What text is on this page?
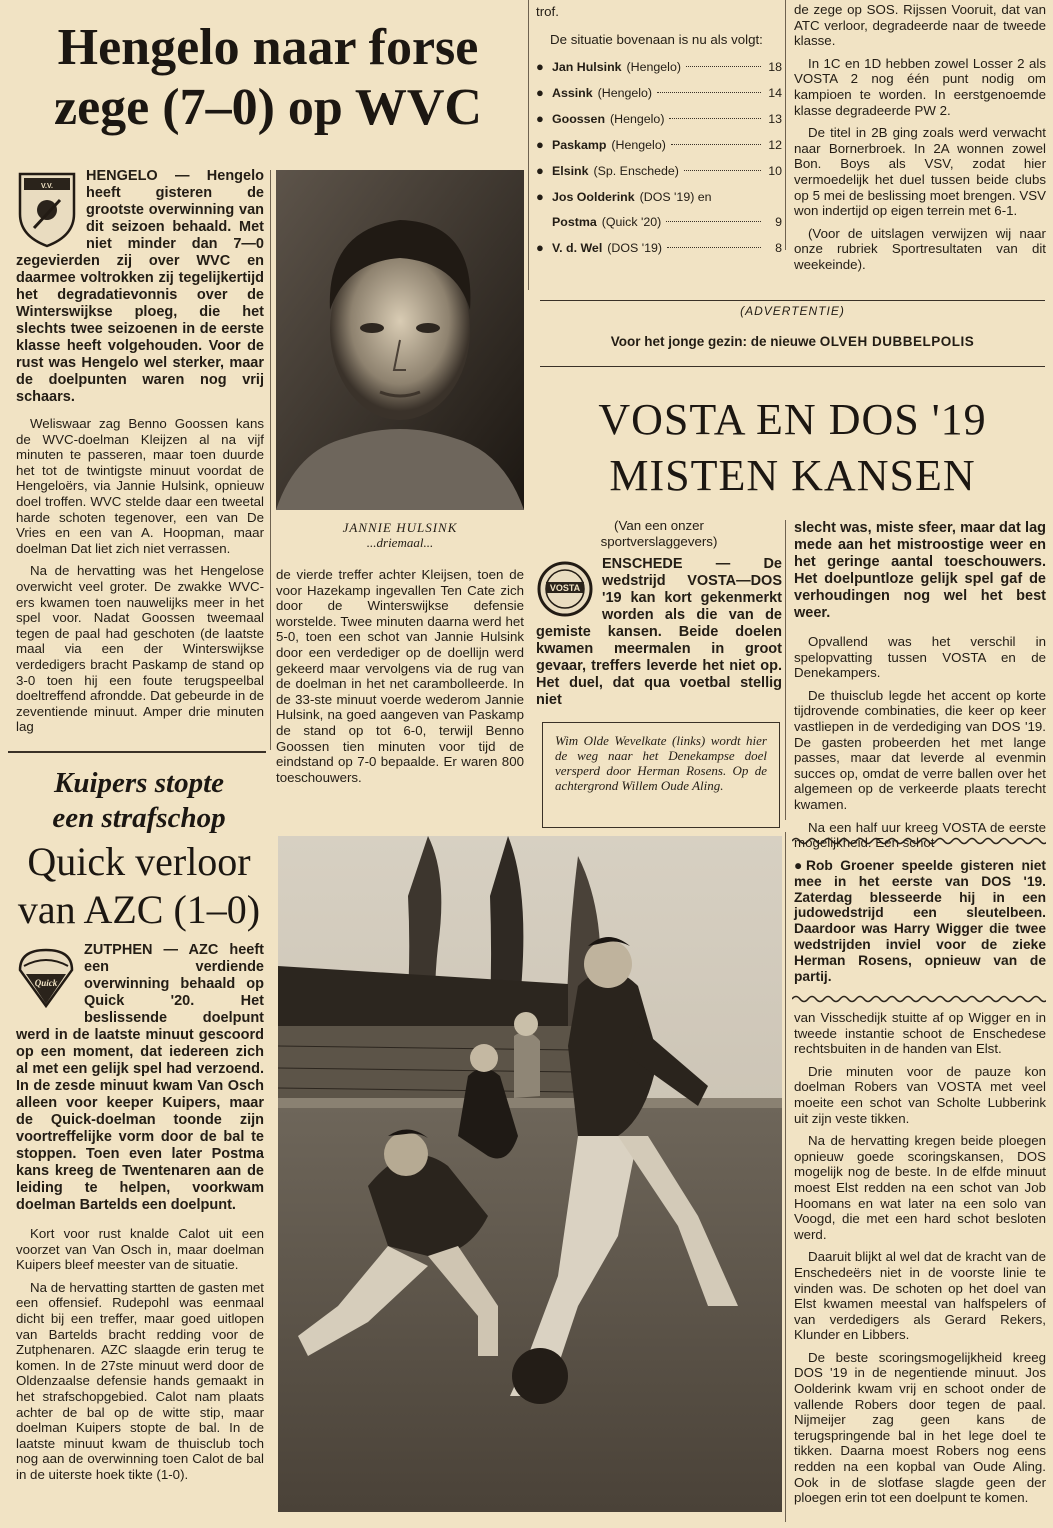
Hengelo naar forse zege (7–0) op WVC
V.V.

HENGELO — Hengelo heeft gisteren de grootste overwinning van dit seizoen behaald. Met niet minder dan 7—0 zegevierden zij over WVC en daarmee voltrokken zij tegelijkertijd het degradatievonnis over de Winterswijkse ploeg, die het slechts twee seizoenen in de eerste klasse heeft volgehouden. Voor de rust was Hengelo wel sterker, maar de doelpunten waren nog vrij schaars.

Weliswaar zag Benno Goossen kans de WVC-doelman Kleijzen al na vijf minuten te passeren, maar toen duurde het tot de twintigste minuut voordat de Hengeloërs, via Jannie Hulsink, opnieuw doel troffen. WVC stelde daar een tweetal harde schoten tegenover, een van De Vries en een van A. Hoopman, maar doelman Dat liet zich niet verrassen.

Na de hervatting was het Hengelose overwicht veel groter. De zwakke WVC-ers kwamen toen nauwelijks meer in het spel voor. Nadat Goossen tweemaal tegen de paal had geschoten (de laatste maal via een der Winterswijkse verdedigers bracht Paskamp de stand op 3-0 toen hij een foute terugspeelbal doeltreffend afrondde. Dat gebeurde in de zeventiende minuut. Amper drie minuten lag

Kuipers stopte
een strafschop
Quick verloor
van AZC (1–0)
Quick

ZUTPHEN — AZC heeft een verdiende overwinning behaald op Quick '20. Het beslissende doelpunt werd in de laatste minuut gescoord op een moment, dat iedereen zich al met een gelijk spel had verzoend. In de zesde minuut kwam Van Osch alleen voor keeper Kuipers, maar de Quick-doelman toonde zijn voortreffelijke vorm door de bal te stoppen. Toen even later Postma kans kreeg de Twentenaren aan de leiding te helpen, voorkwam doelman Bartelds een doelpunt.

Kort voor rust knalde Calot uit een voorzet van Van Osch in, maar doelman Kuipers bleef meester van de situatie.

Na de hervatting startten de gasten met een offensief. Rudepohl was eenmaal dicht bij een treffer, maar goed uitlopen van Bartelds bracht redding voor de Zutphenaren. AZC slaagde erin terug te komen. In de 27ste minuut werd door de Oldenzaalse defensie hands gemaakt in het strafschopgebied. Calot nam plaats achter de bal op de witte stip, maar doelman Kuipers stopte de bal. In de laatste minuut kwam de thuisclub toch nog aan de overwinning toen Calot de bal in de uiterste hoek tikte (1-0).

JANNIE HULSINK
...driemaal...

de vierde treffer achter Kleijsen, toen de voor Hazekamp ingevallen Ten Cate zich door de Winterswijkse defensie worstelde. Twee minuten daarna werd het 5-0, toen een schot van Jannie Hulsink door een verdediger op de doellijn werd gekeerd maar vervolgens via de rug van de doelman in het net carambolleerde. In de 33-ste minuut voerde wederom Jannie Hulsink, na goed aangeven van Paskamp de stand op tot 6-0, terwijl Benno Goossen tien minuten voor tijd de eindstand op 7-0 bepaalde. Er waren 800 toeschouwers.

trof.

De situatie bovenaan is nu als volgt:

● Jan Hulsink (Hengelo)	18
● Assink (Hengelo)	14
● Goossen (Hengelo)	13
● Paskamp (Hengelo)	12
● Elsink (Sp. Enschede)	10
● Jos Oolderink (DOS '19) en
Postma (Quick '20)	9
● V. d. Wel (DOS '19)	8

de zege op SOS. Rijssen Vooruit, dat van ATC verloor, degradeerde naar de tweede klasse.

In 1C en 1D hebben zowel Losser 2 als VOSTA 2 nog één punt nodig om kampioen te worden. In eerstgenoemde klasse degradeerde PW 2.

De titel in 2B ging zoals werd verwacht naar Bornerbroek. In 2A wonnen zowel Bon. Boys als VSV, zodat hier vermoedelijk het duel tussen beide clubs op 5 mei de beslissing moet brengen. VSV won indertijd op eigen terrein met 6-1.

(Voor de uitslagen verwijzen wij naar onze rubriek Sportresultaten van dit weekeinde).

(ADVERTENTIE)
Voor het jonge gezin: de nieuwe OLVEH DUBBELPOLIS
VOSTA EN DOS '19
MISTEN KANSEN

(Van een onzer sportverslaggevers)

VOSTA

ENSCHEDE — De wedstrijd VOSTA—DOS '19 kan kort gekenmerkt worden als die van de gemiste kansen. Beide doelen kwamen meermalen in groot gevaar, treffers leverde het niet op. Het duel, dat qua voetbal stellig niet

Wim Olde Wevelkate (links) wordt hier de weg naar het Denekampse doel versperd door Herman Rosens. Op de achtergrond Willem Oude Aling.

slecht was, miste sfeer, maar dat lag mede aan het mistroostige weer en het geringe aantal toeschouwers. Het doelpuntloze gelijk spel gaf de verhoudingen nog wel het best weer.

Opvallend was het verschil in spelopvatting tussen VOSTA en de Denekampers.

De thuisclub legde het accent op korte tijdrovende combinaties, die keer op keer vastliepen in de verdediging van DOS '19. De gasten probeerden het met lange passes, maar dat leverde al evenmin succes op, omdat de verre ballen over het algemeen op de verkeerde plaats terecht kwamen.

Na een half uur kreeg VOSTA de eerste mogelijkheid. Een schot

● Rob Groener speelde gisteren niet mee in het eerste van DOS '19. Zaterdag blesseerde hij in een judowedstrijd een sleutelbeen. Daardoor was Harry Wigger die twee wedstrijden inviel voor de zieke Herman Rosens, opnieuw van de partij.

van Visschedijk stuitte af op Wigger en in tweede instantie schoot de Enschedese rechtsbuiten in de handen van Elst.

Drie minuten voor de pauze kon doelman Robers van VOSTA met veel moeite een schot van Scholte Lubberink uit zijn veste tikken.

Na de hervatting kregen beide ploegen opnieuw goede scoringskansen, DOS mogelijk nog de beste. In de elfde minuut moest Elst redden na een schot van Job Hoomans en wat later na een solo van Voogd, die met een hard schot besloten werd.

Daaruit blijkt al wel dat de kracht van de Enschedeërs niet in de voorste linie te vinden was. De schoten op het doel van Elst kwamen meestal van halfspelers of van verdedigers als Gerard Rekers, Klunder en Libbers.

De beste scoringsmogelijkheid kreeg DOS '19 in de negentiende minuut. Jos Oolderink kwam vrij en schoot onder de vallende Robers door tegen de paal. Nijmeijer zag geen kans de terugspringende bal in het lege doel te tikken. Daarna moest Robers nog eens redden na een kopbal van Oude Aling. Ook in de slotfase slagde geen der ploegen erin tot een doelpunt te komen.
